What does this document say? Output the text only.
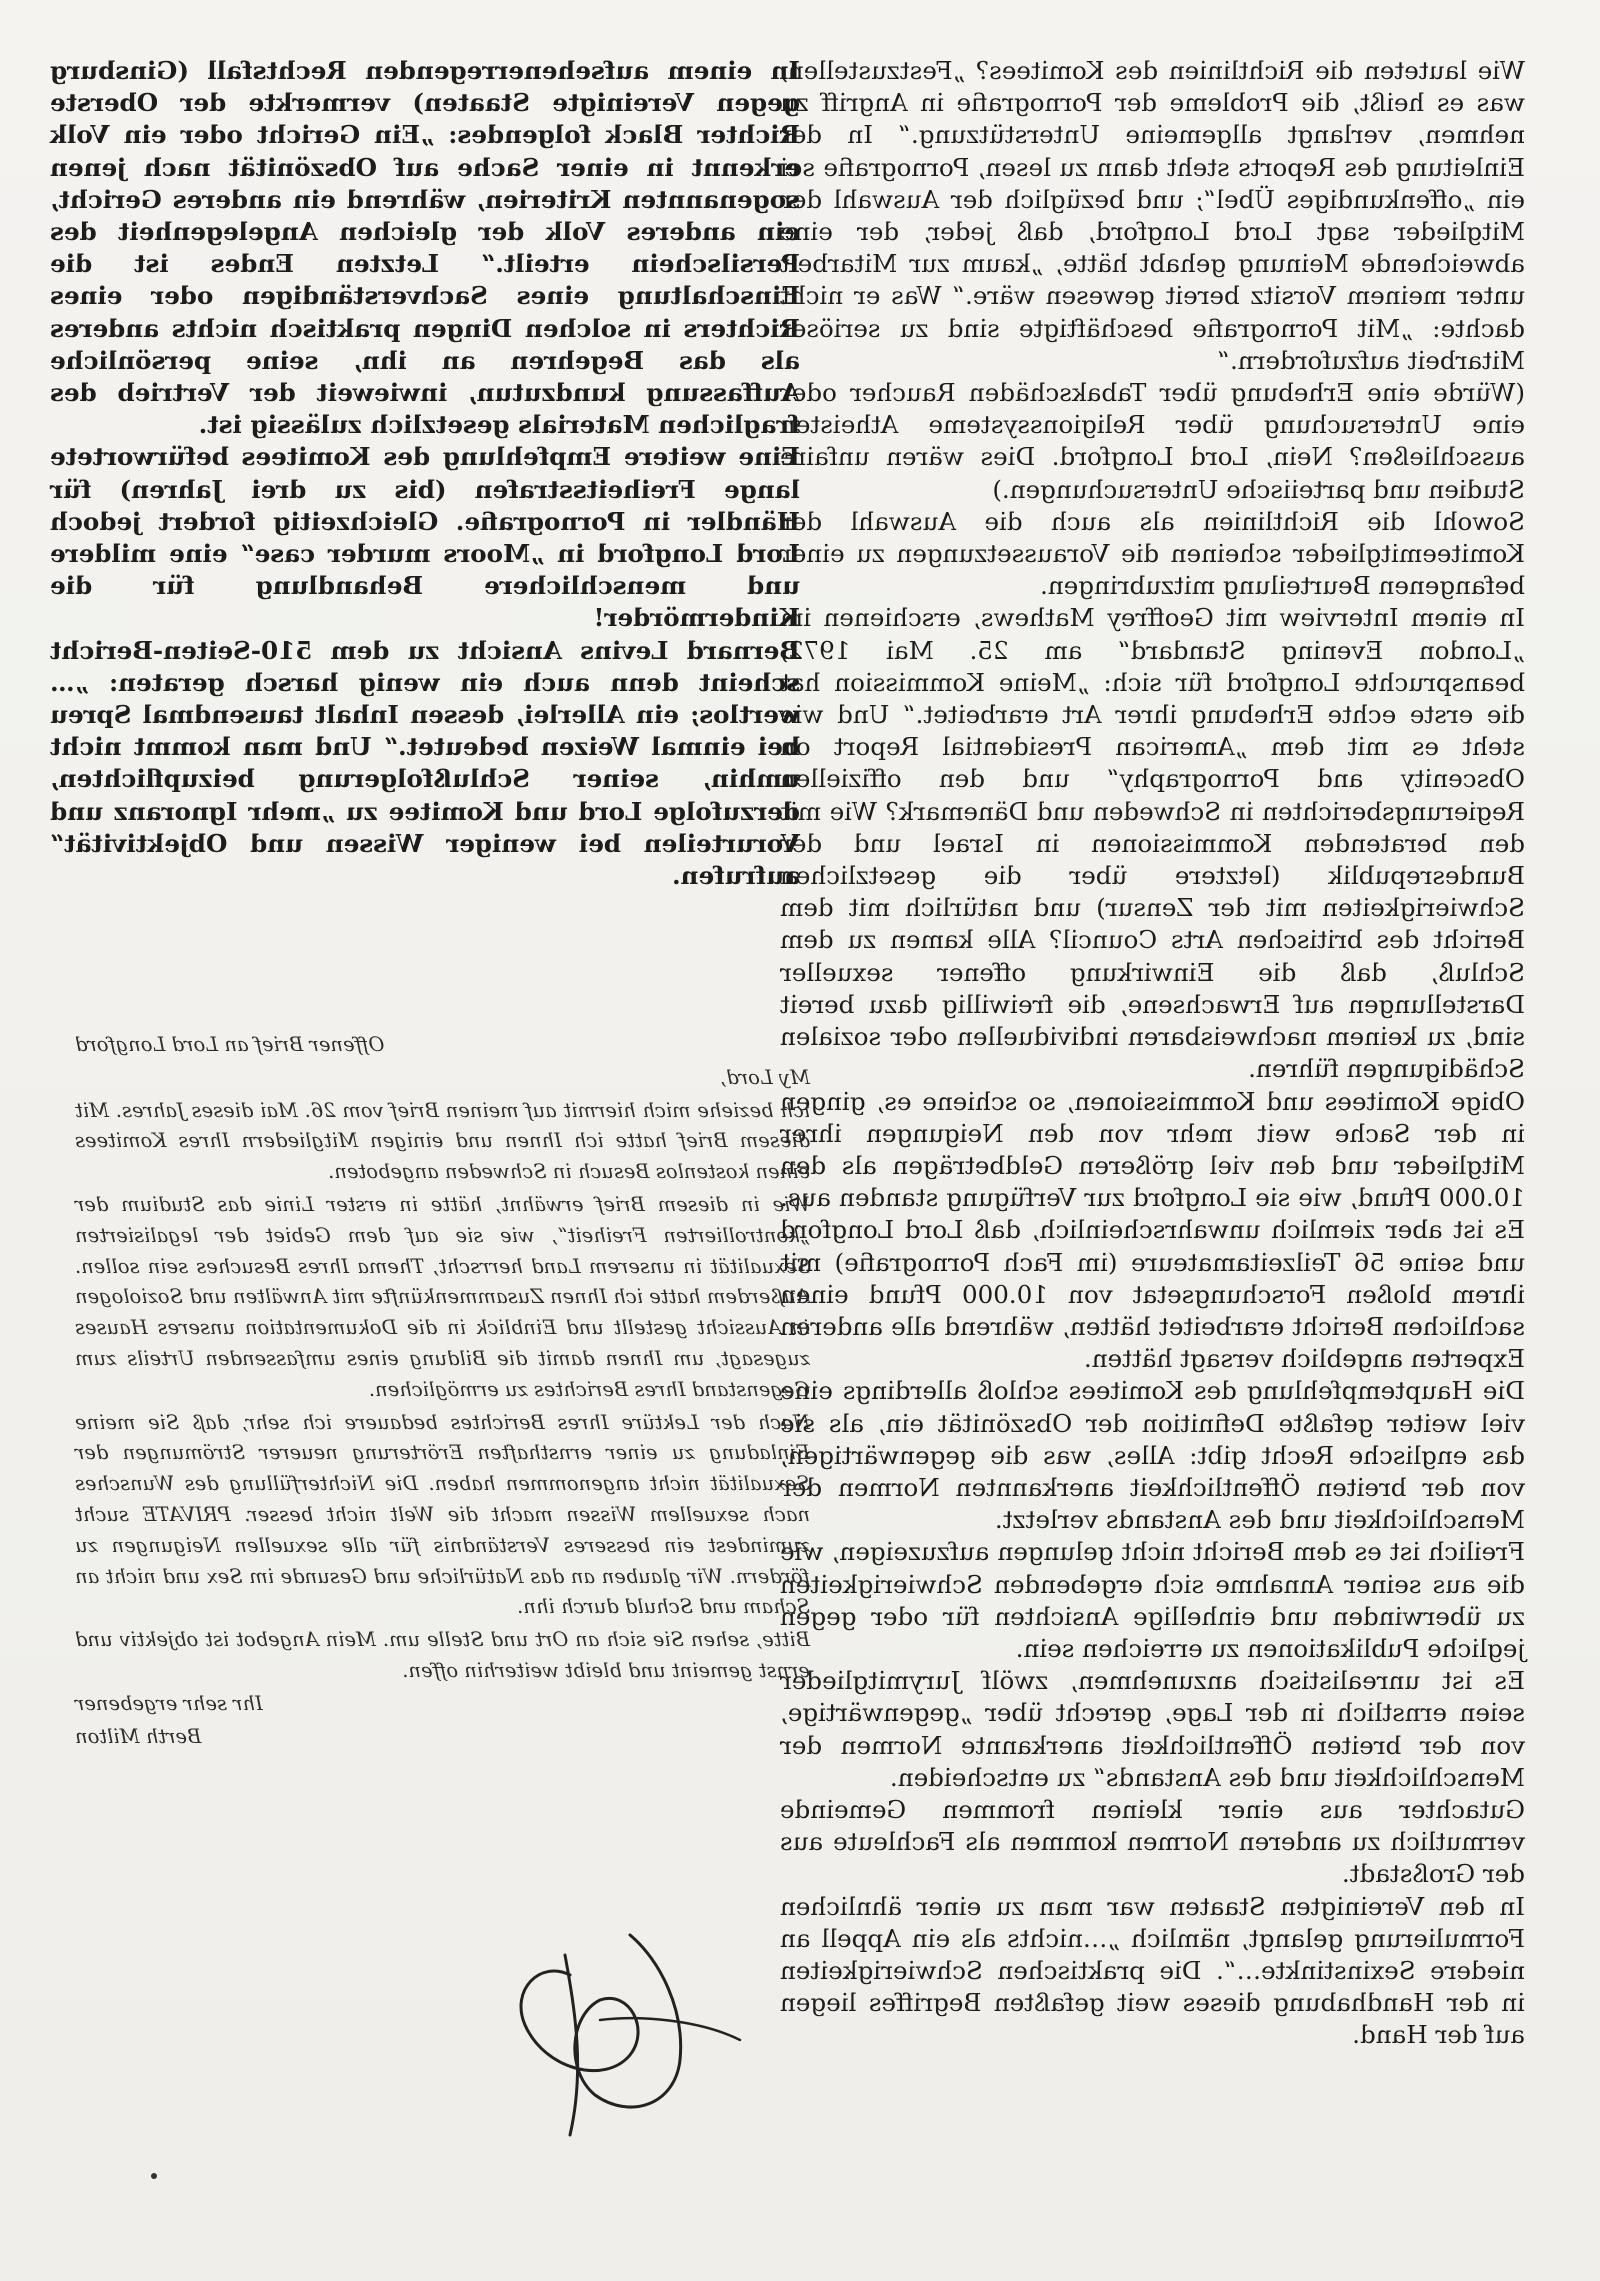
Wie lauteten die Richtlinien des Komitees? „Festzustellen, was es heißt, die Probleme der Pornografie in Angriff zu nehmen, verlangt allgemeine Unterstützung.“ In der Einleitung des Reports steht dann zu lesen, Pornografie sei ein „offenkundiges Übel“; und bezüglich der Auswahl der Mitglieder sagt Lord Longford, daß jeder, der eine abweichende Meinung gehabt hätte, „kaum zur Mitarbeit unter meinem Vorsitz bereit gewesen wäre.“ Was er nicht dachte: „Mit Pornografie beschäftigte sind zu seriöser Mitarbeit aufzufordern.“

(Würde eine Erhebung über Tabakschäden Raucher oder eine Untersuchung über Religionssysteme Atheisten ausschließen? Nein, Lord Longford. Dies wären unfaire Studien und parteiische Untersuchungen.)

Sowohl die Richtlinien als auch die Auswahl der Komiteemitglieder scheinen die Voraussetzungen zu einer befangenen Beurteilung mitzubringen.

In einem Interview mit Geoffrey Mathews, erschienen im „London Evening Standard“ am 25. Mai 1972, beanspruchte Longford für sich: „Meine Kommission hat die erste echte Erhebung ihrer Art erarbeitet.“ Und wie steht es mit dem „American Presidential Report on Obscenity and Pornography“ und den offiziellen Regierungsberichten in Schweden und Dänemark? Wie mit den beratenden Kommissionen in Israel und der Bundesrepublik (letztere über die gesetzlichen Schwierigkeiten mit der Zensur) und natürlich mit dem Bericht des britischen Arts Council? Alle kamen zu dem Schluß, daß die Einwirkung offener sexueller Darstellungen auf Erwachsene, die freiwillig dazu bereit sind, zu keinem nachweisbaren individuellen oder sozialen Schädigungen führen.

Obige Komitees und Kommissionen, so schiene es, gingen in der Sache weit mehr von den Neigungen ihrer Mitglieder und den viel größeren Geldbeträgen als den 10.000 Pfund, wie sie Longford zur Verfügung standen aus. Es ist aber ziemlich unwahrscheinlich, daß Lord Longford und seine 56 Teilzeitamateure (im Fach Pornografie) mit ihrem bloßen Forschungsetat von 10.000 Pfund einen sachlichen Bericht erarbeitet hätten, während alle anderen Experten angeblich versagt hätten.

Die Hauptempfehlung des Komitees schloß allerdings eine viel weiter gefaßte Definition der Obszönität ein, als sie das englische Recht gibt: Alles, was die gegenwärtigen, von der breiten Öffentlichkeit anerkannten Normen der Menschlichkeit und des Anstands verletzt.

Freilich ist es dem Bericht nicht gelungen aufzuzeigen, wie die aus seiner Annahme sich ergebenden Schwierigkeiten zu überwinden und einhellige Ansichten für oder gegen jegliche Publikationen zu erreichen sein.

Es ist unrealistisch anzunehmen, zwölf Jurymitglieder seien ernstlich in der Lage, gerecht über „gegenwärtige, von der breiten Öffentlichkeit anerkannte Normen der Menschlichkeit und des Anstands“ zu entscheiden.

Gutachter aus einer kleinen frommen Gemeinde vermutlich zu anderen Normen kommen als Fachleute aus der Großstadt.

In den Vereinigten Staaten war man zu einer ähnlichen Formulierung gelangt, nämlich „…nichts als ein Appell an niedere Sexinstinkte…“. Die praktischen Schwierigkeiten in der Handhabung dieses weit gefaßten Begriffes liegen auf der Hand.

In einem aufsehenerregenden Rechtsfall (Ginsburg gegen Vereinigte Staaten) vermerkte der Oberste Richter Black folgendes: „Ein Gericht oder ein Volk erkennt in einer Sache auf Obszönität nach jenen sogenannten Kriterien, während ein anderes Gericht, ein anderes Volk der gleichen Angelegenheit des Persilschein erteilt.“ Letzten Endes ist die Einschaltung eines Sachverständigen oder eines Richters in solchen Dingen praktisch nichts anderes als das Begehren an ihn, seine persönliche Auffassung kundzutun, inwieweit der Vertrieb des fraglichen Materials gesetzlich zulässig ist.

Eine weitere Empfehlung des Komitees befürwortete lange Freiheitsstrafen (bis zu drei Jahren) für Händler in Pornografie. Gleichzeitig fordert jedoch Lord Longford in „Moors murder case“ eine mildere und menschlichere Behandlung für die Kindermörder!

Bernard Levins Ansicht zu dem 510-Seiten-Bericht scheint denn auch ein wenig harsch geraten: „…wertlos; ein Allerlei, dessen Inhalt tausendmal Spreu bei einmal Weizen bedeutet.“ Und man kommt nicht umhin, seiner Schlußfolgerung beizupflichten, derzufolge Lord und Komitee zu „mehr Ignoranz und Vorurteilen bei weniger Wissen und Objektivität“ aufrufen.

Offener Brief an Lord Longford

My Lord,

ich beziehe mich hiermit auf meinen Brief vom 26. Mai dieses Jahres. Mit diesem Brief hatte ich Ihnen und einigen Mitgliedern Ihres Komitees einen kostenlos Besuch in Schweden angeboten.

Wie in diesem Brief erwähnt, hätte in erster Linie das Studium der „kontrollierten Freiheit“, wie sie auf dem Gebiet der legalisierten Sexualität in unserem Land herrscht, Thema Ihres Besuches sein sollen. Außerdem hatte ich Ihnen Zusammenkünfte mit Anwälten und Soziologen in Aussicht gestellt und Einblick in die Dokumentation unseres Hauses zugesagt, um Ihnen damit die Bildung eines umfassenden Urteils zum Gegenstand Ihres Berichtes zu ermöglichen.

Nach der Lektüre Ihres Berichtes bedauere ich sehr, daß Sie meine Einladung zu einer ernsthaften Erörterung neuerer Strömungen der Sexualität nicht angenommen haben. Die Nichterfüllung des Wunsches nach sexuellem Wissen macht die Welt nicht besser. PRIVATE sucht zumindest ein besseres Verständnis für alle sexuellen Neigungen zu fördern. Wir glauben an das Natürliche und Gesunde im Sex und nicht an Scham und Schuld durch ihn.

Bitte, sehen Sie sich an Ort und Stelle um. Mein Angebot ist objektiv und ernst gemeint und bleibt weiterhin offen.

Ihr sehr ergebener

Berth Milton
